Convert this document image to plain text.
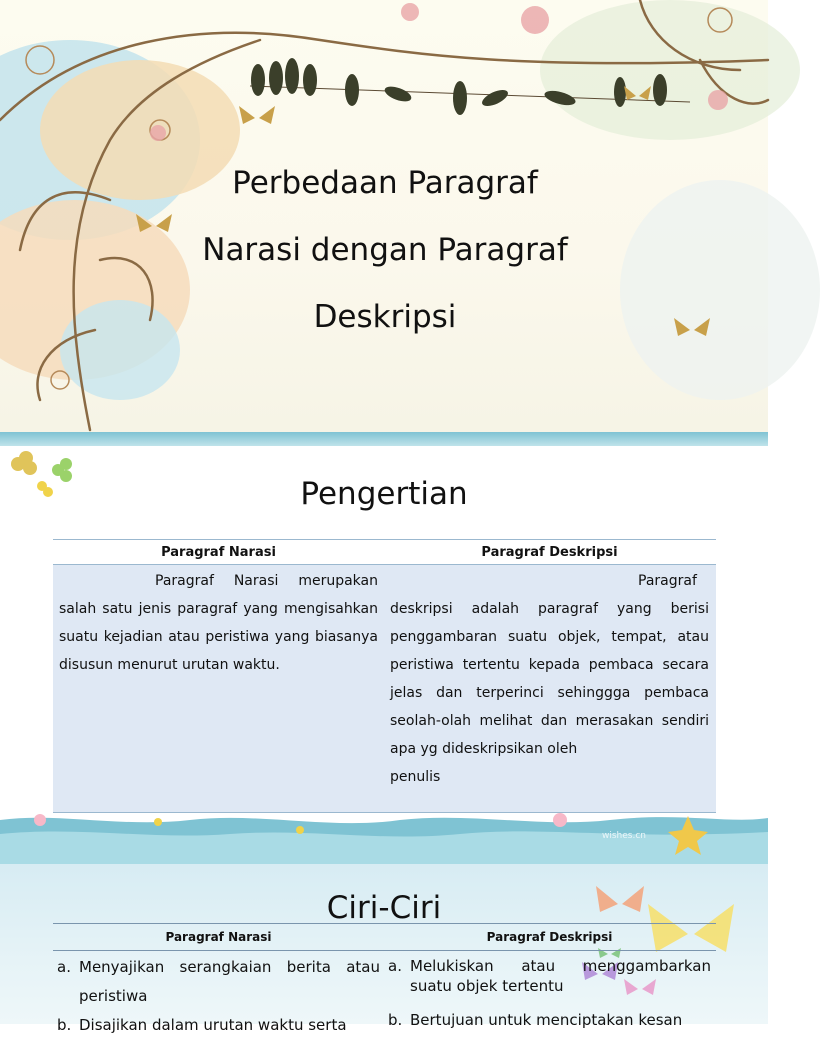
Perbedaan Paragraf
Narasi dengan Paragraf
Deskripsi
Pengertian
Paragraf Narasi	Paragraf Deskripsi
Paragraf Narasi merupakan salah satu jenis paragraf yang mengisahkan suatu kejadian atau peristiwa yang biasanya disusun menurut urutan waktu.
Paragraf deskripsi adalah paragraf yang berisi penggambaran suatu objek, tempat, atau peristiwa tertentu kepada pembaca secara jelas dan terperinci sehinggga pembaca seolah-olah melihat dan merasakan sendiri apa yg dideskripsikan oleh
penulis
wishes.cn
Ciri-Ciri
Paragraf Narasi	Paragraf Deskripsi
a. Menyajikan serangkaian berita atau peristiwa
b. Disajikan dalam urutan waktu serta
a. Melukiskan atau menggambarkan suatu objek tertentu
b. Bertujuan untuk menciptakan kesan
